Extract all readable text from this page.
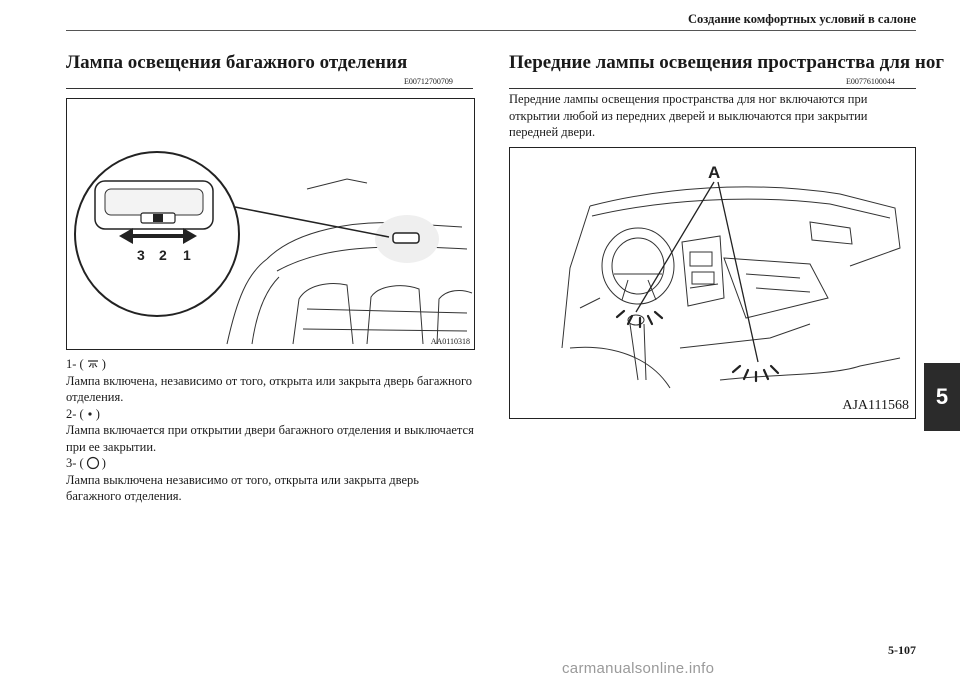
Создание комфортных условий в салоне
Лампа освещения багажного отделения
E00712700709
3 2 1
AA0110318
1- ( )

Лампа включена, независимо от того, открыта или закрыта дверь багажного отделения.

2- ( )

Лампа включается при открытии двери багажного отделения и выключается при ее закрытии.

3- ( )

Лампа выключена независимо от того, открыта или закрыта дверь багажного отделения.

Передние лампы освещения пространства для ног
E00776100044

Передние лампы освещения пространства для ног включаются при открытии любой из передних дверей и выключаются при закрытии передней двери.

A
AJA111568	5
5-107
carmanualsonline.info
